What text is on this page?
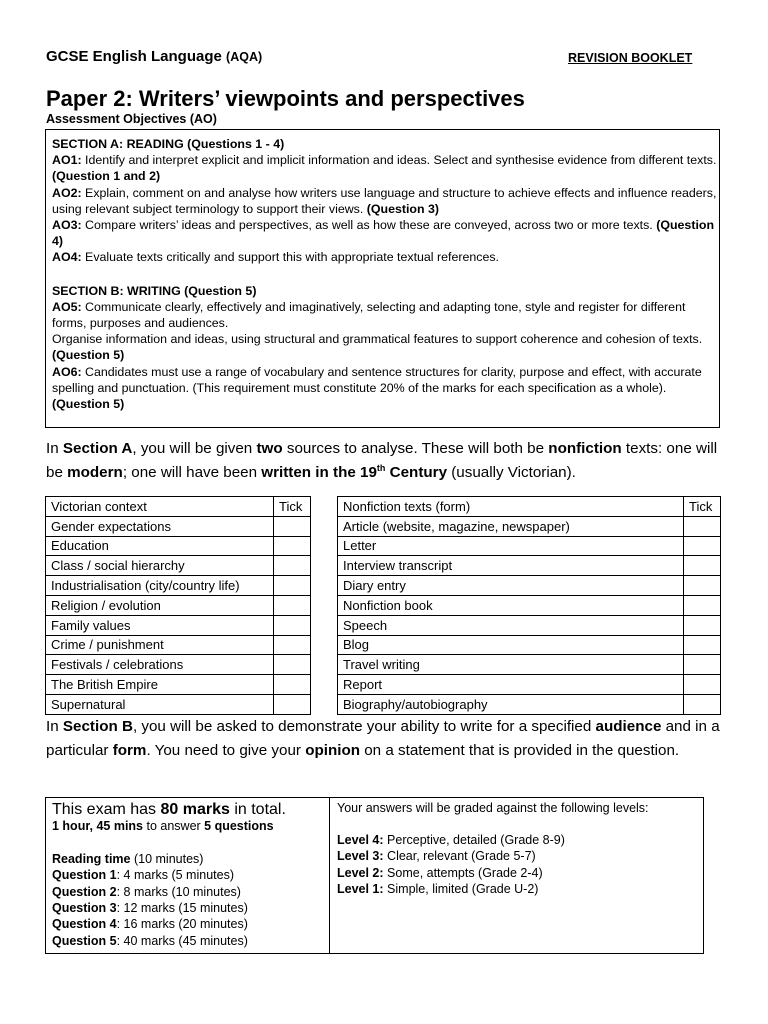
GCSE English Language (AQA)	REVISION BOOKLET
Paper 2: Writers’ viewpoints and perspectives
Assessment Objectives (AO)

SECTION A: READING (Questions 1 - 4)

AO1: Identify and interpret explicit and implicit information and ideas. Select and synthesise evidence from different texts. (Question 1 and 2)

AO2: Explain, comment on and analyse how writers use language and structure to achieve effects and influence readers, using relevant subject terminology to support their views. (Question 3)

AO3: Compare writers’ ideas and perspectives, as well as how these are conveyed, across two or more texts. (Question 4)

AO4: Evaluate texts critically and support this with appropriate textual references.

SECTION B: WRITING (Question 5)

AO5: Communicate clearly, effectively and imaginatively, selecting and adapting tone, style and register for different forms, purposes and audiences.

Organise information and ideas, using structural and grammatical features to support coherence and cohesion of texts. (Question 5)

AO6: Candidates must use a range of vocabulary and sentence structures for clarity, purpose and effect, with accurate spelling and punctuation. (This requirement must constitute 20% of the marks for each specification as a whole). (Question 5)

In Section A, you will be given two sources to analyse. These will both be nonfiction texts: one will be modern; one will have been written in the 19th Century (usually Victorian).
Victorian context	Tick
Gender expectations	
Education	
Class / social hierarchy	
Industrialisation (city/country life)	
Religion / evolution	
Family values	
Crime / punishment	
Festivals / celebrations	
The British Empire	
Supernatural	
Nonfiction texts (form)	Tick
Article (website, magazine, newspaper)	
Letter	
Interview transcript	
Diary entry	
Nonfiction book	
Speech	
Blog	
Travel writing	
Report	
Biography/autobiography	
In Section B, you will be asked to demonstrate your ability to write for a specified audience and in a particular form. You need to give your opinion on a statement that is provided in the question.
This exam has 80 marks in total.
1 hour, 45 mins to answer 5 questions
Reading time (10 minutes)
Question 1: 4 marks (5 minutes)
Question 2: 8 marks (10 minutes)
Question 3: 12 marks (15 minutes)
Question 4: 16 marks (20 minutes)
Question 5: 40 marks (45 minutes)
Your answers will be graded against the following levels:
Level 4: Perceptive, detailed (Grade 8-9)
Level 3: Clear, relevant (Grade 5-7)
Level 2: Some, attempts (Grade 2-4)
Level 1: Simple, limited (Grade U-2)
